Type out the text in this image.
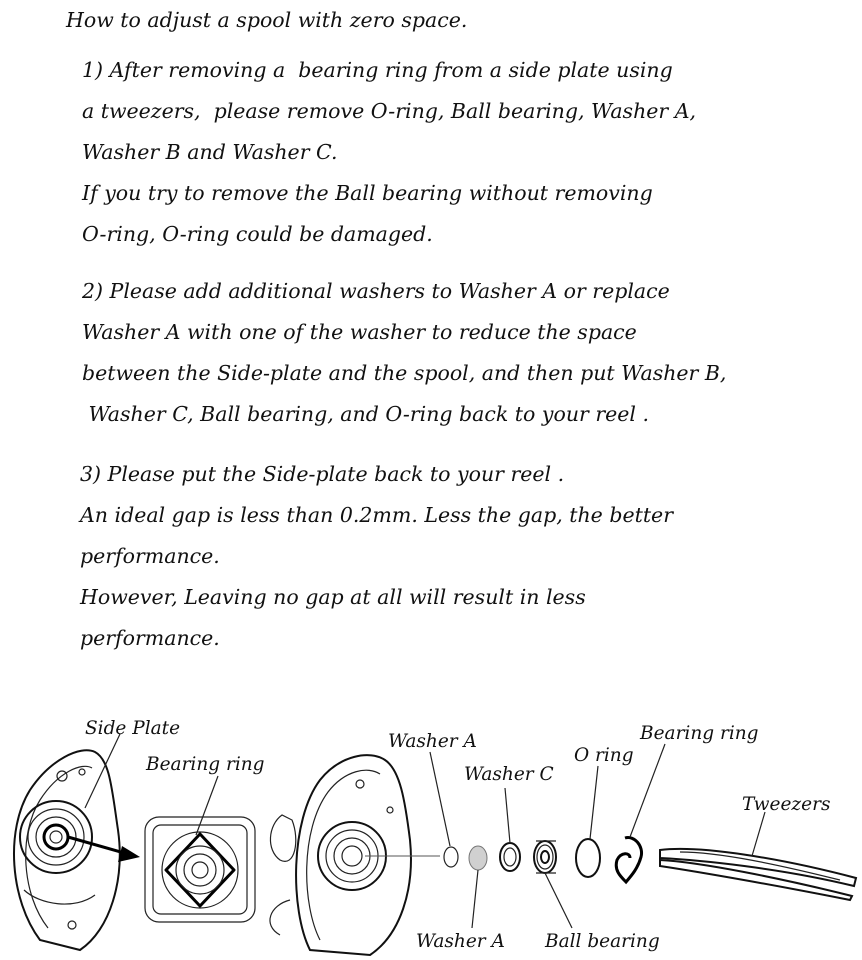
How to adjust a spool with zero space.
1) After removing a  bearing ring from a side plate using
a tweezers,  please remove O-ring, Ball bearing, Washer A,
Washer B and Washer C.
If you try to remove the Ball bearing without removing
O-ring, O-ring could be damaged.
2) Please add additional washers to Washer A or replace
Washer A with one of the washer to reduce the space
between the Side-plate and the spool, and then put Washer B,
Washer C, Ball bearing, and O-ring back to your reel .
3) Please put the Side-plate back to your reel .
An ideal gap is less than 0.2mm. Less the gap, the better
performance.
However, Leaving no gap at all will result in less
performance.
Side Plate
Bearing ring
Washer A
Washer C
O ring
Bearing ring
Tweezers
Washer A Ball bearing
